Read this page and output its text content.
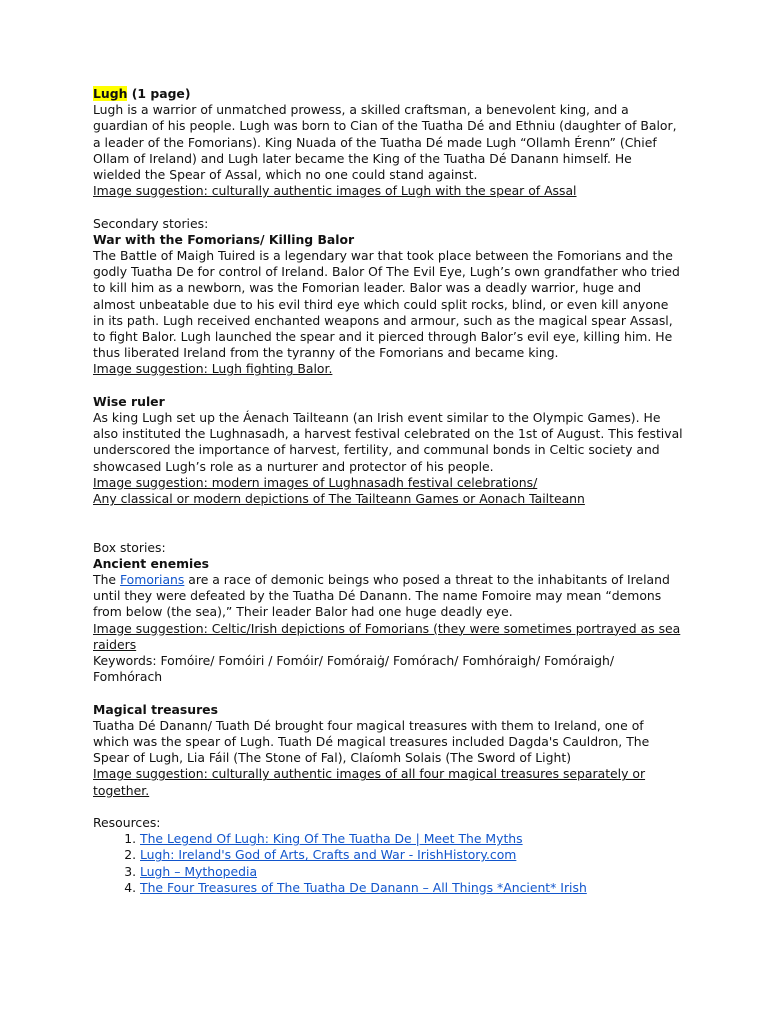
Lugh (1 page)

Lugh is a warrior of unmatched prowess, a skilled craftsman, a benevolent king, and a guardian of his people. Lugh was born to Cian of the Tuatha Dé and Ethniu (daughter of Balor, a leader of the Fomorians). King Nuada of the Tuatha Dé made Lugh “Ollamh Érenn” (Chief Ollam of Ireland) and Lugh later became the King of the Tuatha Dé Danann himself. He wielded the Spear of Assal, which no one could stand against.

Image suggestion: culturally authentic images of Lugh with the spear of Assal

Secondary stories:

War with the Fomorians/ Killing Balor

The Battle of Maigh Tuired is a legendary war that took place between the Fomorians and the godly Tuatha De for control of Ireland. Balor Of The Evil Eye, Lugh’s own grandfather who tried to kill him as a newborn, was the Fomorian leader. Balor was a deadly warrior, huge and almost unbeatable due to his evil third eye which could split rocks, blind, or even kill anyone in its path. Lugh received enchanted weapons and armour, such as the magical spear Assasl, to fight Balor. Lugh launched the spear and it pierced through Balor’s evil eye, killing him. He thus liberated Ireland from the tyranny of the Fomorians and became king.

Image suggestion: Lugh fighting Balor.

Wise ruler

As king Lugh set up the Áenach Tailteann (an Irish event similar to the Olympic Games). He also instituted the Lughnasadh, a harvest festival celebrated on the 1st of August. This festival underscored the importance of harvest, fertility, and communal bonds in Celtic society and showcased Lugh’s role as a nurturer and protector of his people.

Image suggestion: modern images of Lughnasadh festival celebrations/

Any classical or modern depictions of The Tailteann Games or Aonach Tailteann

Box stories:

Ancient enemies

The Fomorians are a race of demonic beings who posed a threat to the inhabitants of Ireland until they were defeated by the Tuatha Dé Danann. The name Fomoire may mean “demons from below (the sea),” Their leader Balor had one huge deadly eye.

Image suggestion: Celtic/Irish depictions of Fomorians (they were sometimes portrayed as sea raiders

Keywords: Fomóire/ Fomóiri / Fomóir/ Fomóraiġ/ Fomórach/ Fomhóraigh/ Fomóraigh/ Fomhórach

Magical treasures

Tuatha Dé Danann/ Tuath Dé brought four magical treasures with them to Ireland, one of which was the spear of Lugh. Tuath Dé magical treasures included Dagda's Cauldron, The Spear of Lugh, Lia Fáil (The Stone of Fal), Claíomh Solais (The Sword of Light)

Image suggestion: culturally authentic images of all four magical treasures separately or together.

Resources:

1. The Legend Of Lugh: King Of The Tuatha De | Meet The Myths
2. Lugh: Ireland's God of Arts, Crafts and War - IrishHistory.com
3. Lugh – Mythopedia
4. The Four Treasures of The Tuatha De Danann – All Things *Ancient* Irish
